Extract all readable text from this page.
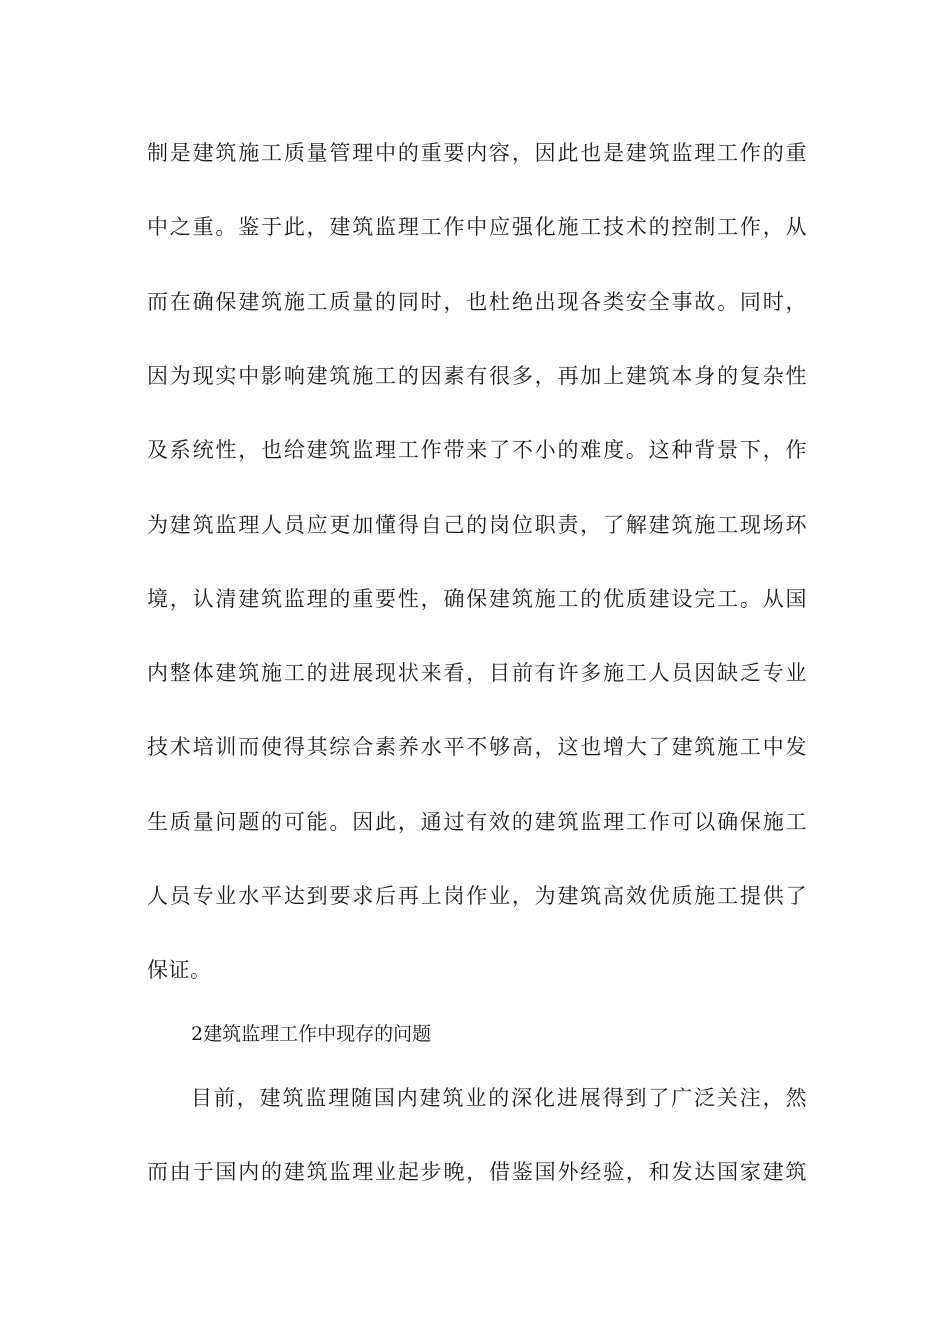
制是建筑施工质量管理中的重要内容，因此也是建筑监理工作的重
中之重。鉴于此，建筑监理工作中应强化施工技术的控制工作，从
而在确保建筑施工质量的同时，也杜绝出现各类安全事故。同时，
因为现实中影响建筑施工的因素有很多，再加上建筑本身的复杂性
及系统性，也给建筑监理工作带来了不小的难度。这种背景下，作
为建筑监理人员应更加懂得自己的岗位职责，了解建筑施工现场环
境，认清建筑监理的重要性，确保建筑施工的优质建设完工。从国
内整体建筑施工的进展现状来看，目前有许多施工人员因缺乏专业
技术培训而使得其综合素养水平不够高，这也增大了建筑施工中发
生质量问题的可能。因此，通过有效的建筑监理工作可以确保施工
人员专业水平达到要求后再上岗作业，为建筑高效优质施工提供了
保证。
2建筑监理工作中现存的问题
目前，建筑监理随国内建筑业的深化进展得到了广泛关注，然
而由于国内的建筑监理业起步晚，借鉴国外经验，和发达国家建筑
